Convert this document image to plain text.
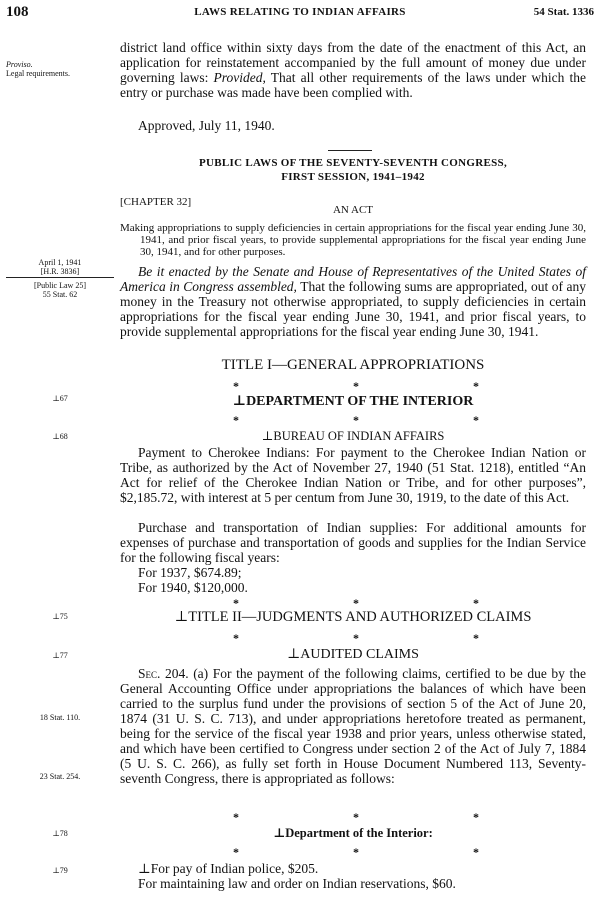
108	LAWS RELATING TO INDIAN AFFAIRS	54 Stat. 1336
Proviso.
Legal requirements.
April 1, 1941
[H.R. 3836]
[Public Law 25]
55 Stat. 62
⊥67
⊥68
⊥75
⊥77
18 Stat. 110.
23 Stat. 254.
⊥78
⊥79
district land office within sixty days from the date of the enactment of this Act, an application for reinstatement accompanied by the full amount of money due under governing laws: Provided, That all other requirements of the laws under which the entry or purchase was made have been complied with.
Approved, July 11, 1940.
PUBLIC LAWS OF THE SEVENTY-SEVENTH CONGRESS,
FIRST SESSION, 1941–1942
[CHAPTER 32]
AN ACT
Making appropriations to supply deficiencies in certain appropriations for the fiscal year ending June 30, 1941, and prior fiscal years, to provide supplemental appropriations for the fiscal year ending June 30, 1941, and for other purposes.
Be it enacted by the Senate and House of Representatives of the United States of America in Congress assembled, That the following sums are appropriated, out of any money in the Treasury not otherwise appropriated, to supply deficiencies in certain appropriations for the fiscal year ending June 30, 1941, and prior fiscal years, to provide supplemental appropriations for the fiscal year ending June 30, 1941.
TITLE I—GENERAL APPROPRIATIONS
*	*	*
⊥DEPARTMENT OF THE INTERIOR
*	*	*
⊥BUREAU OF INDIAN AFFAIRS
Payment to Cherokee Indians: For payment to the Cherokee Indian Nation or Tribe, as authorized by the Act of November 27, 1940 (51 Stat. 1218), entitled “An Act for relief of the Cherokee Indian Nation or Tribe, and for other purposes”, $2,185.72, with interest at 5 per centum from June 30, 1919, to the date of this Act.
Purchase and transportation of Indian supplies: For additional amounts for expenses of purchase and transportation of goods and supplies for the Indian Service for the following fiscal years:
For 1937, $674.89;
For 1940, $120,000.
*	*	*
⊥TITLE II—JUDGMENTS AND AUTHORIZED CLAIMS
*	*	*
⊥AUDITED CLAIMS
Sec. 204. (a) For the payment of the following claims, certified to be due by the General Accounting Office under appropriations the balances of which have been carried to the surplus fund under the provisions of section 5 of the Act of June 20, 1874 (31 U. S. C. 713), and under appropriations heretofore treated as permanent, being for the service of the fiscal year 1938 and prior years, unless otherwise stated, and which have been certified to Congress under section 2 of the Act of July 7, 1884 (5 U. S. C. 266), as fully set forth in House Document Numbered 113, Seventy-seventh Congress, there is appropriated as follows:
*	*	*
⊥Department of the Interior:
*	*	*
⊥For pay of Indian police, $205.
For maintaining law and order on Indian reservations, $60.
